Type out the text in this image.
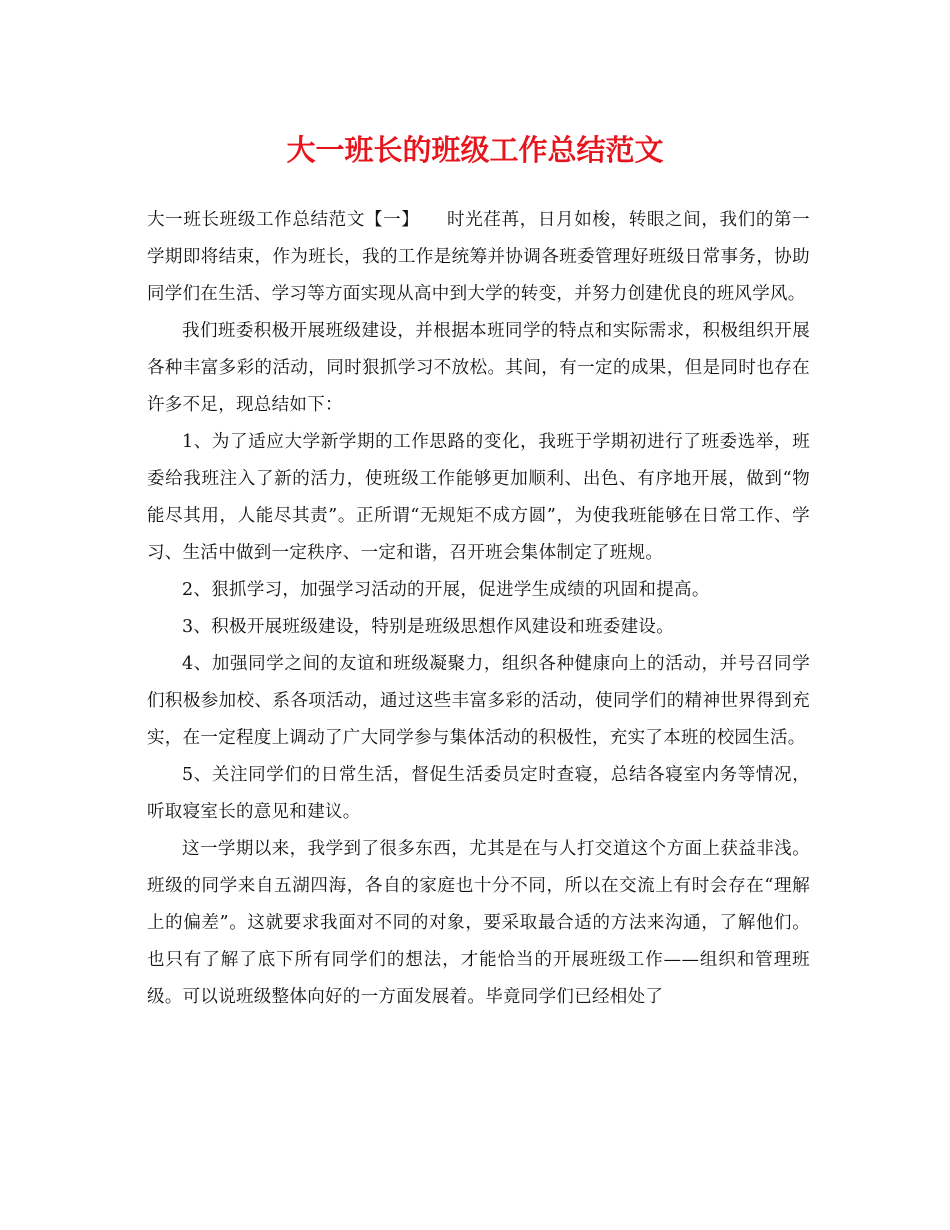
大一班长的班级工作总结范文

大一班长班级工作总结范文【一】　　时光荏苒，日月如梭，转眼之间，我们的第一学期即将结束，作为班长，我的工作是统筹并协调各班委管理好班级日常事务，协助同学们在生活、学习等方面实现从高中到大学的转变，并努力创建优良的班风学风。

我们班委积极开展班级建设，并根据本班同学的特点和实际需求，积极组织开展各种丰富多彩的活动，同时狠抓学习不放松。其间，有一定的成果，但是同时也存在许多不足，现总结如下：

1、为了适应大学新学期的工作思路的变化，我班于学期初进行了班委选举，班委给我班注入了新的活力，使班级工作能够更加顺利、出色、有序地开展，做到“物能尽其用，人能尽其责”。正所谓“无规矩不成方圆”，为使我班能够在日常工作、学习、生活中做到一定秩序、一定和谐，召开班会集体制定了班规。

2、狠抓学习，加强学习活动的开展，促进学生成绩的巩固和提高。

3、积极开展班级建设，特别是班级思想作风建设和班委建设。

4、加强同学之间的友谊和班级凝聚力，组织各种健康向上的活动，并号召同学们积极参加校、系各项活动，通过这些丰富多彩的活动，使同学们的精神世界得到充实，在一定程度上调动了广大同学参与集体活动的积极性，充实了本班的校园生活。

5、关注同学们的日常生活，督促生活委员定时查寝，总结各寝室内务等情况，听取寝室长的意见和建议。

这一学期以来，我学到了很多东西，尤其是在与人打交道这个方面上获益非浅。班级的同学来自五湖四海，各自的家庭也十分不同，所以在交流上有时会存在“理解上的偏差”。这就要求我面对不同的对象，要采取最合适的方法来沟通，了解他们。也只有了解了底下所有同学们的想法，才能恰当的开展班级工作——组织和管理班级。可以说班级整体向好的一方面发展着。毕竟同学们已经相处了
